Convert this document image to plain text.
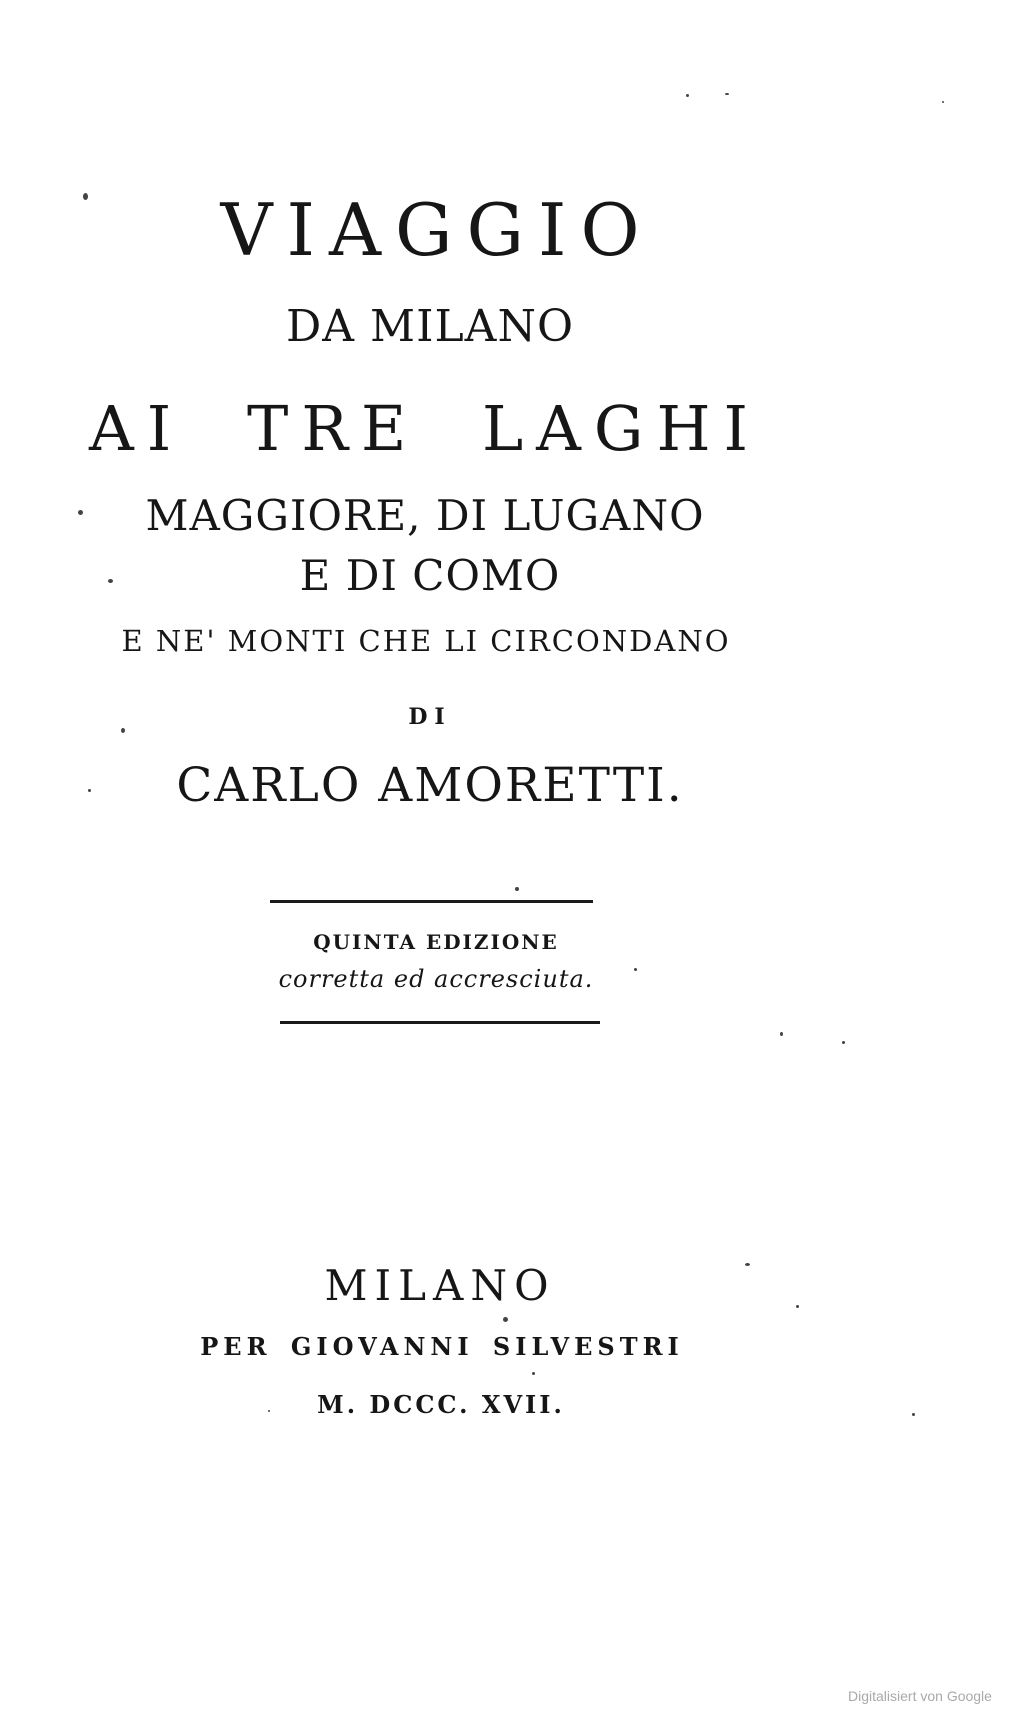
VIAGGIO

DA MILANO

AI TRE LAGHI

MAGGIORE, DI LUGANO

E DI COMO

E NE' MONTI CHE LI CIRCONDANO

DI

CARLO AMORETTI.

QUINTA EDIZIONE

corretta ed accresciuta.

MILANO

PER GIOVANNI SILVESTRI

M. DCCC. XVII.

Digitalisiert von Google
